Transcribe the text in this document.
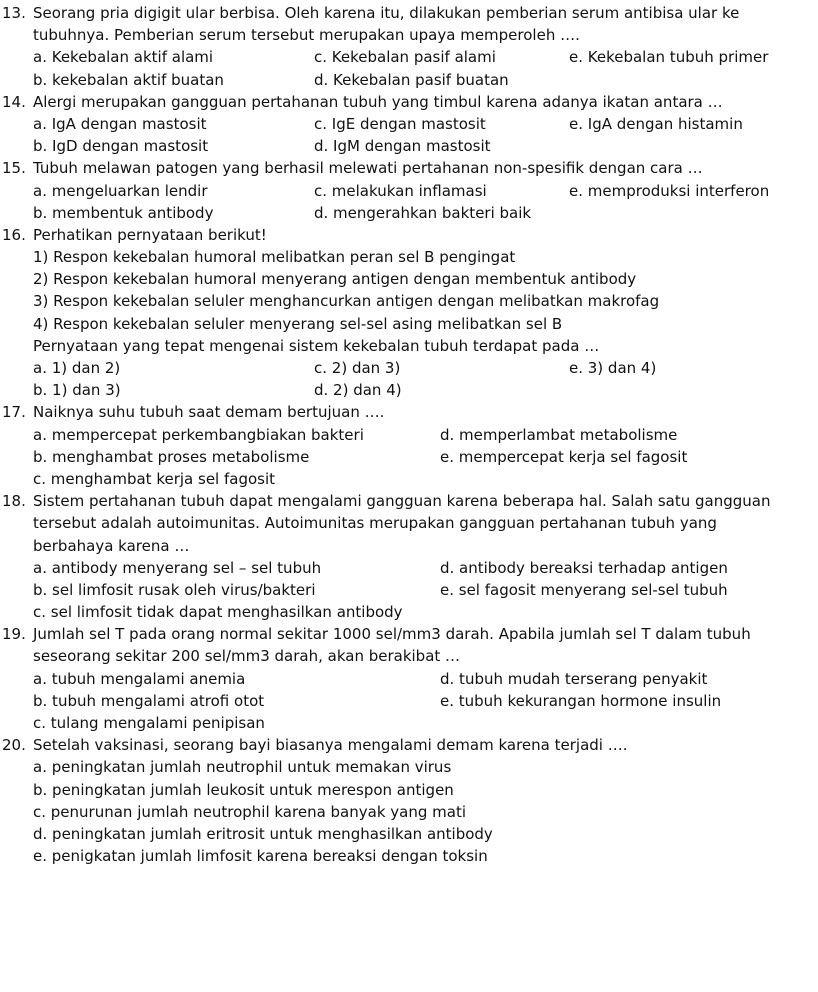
13. Seorang pria digigit ular berbisa. Oleh karena itu, dilakukan pemberian serum antibisa ular ke
tubuhnya. Pemberian serum tersebut merupakan upaya memperoleh ….
a. Kekebalan aktif alami	c. Kekebalan pasif alami	e. Kekebalan tubuh primer
b. kekebalan aktif buatan	d. Kekebalan pasif buatan
14. Alergi merupakan gangguan pertahanan tubuh yang timbul karena adanya ikatan antara …
a. IgA dengan mastosit	c. IgE dengan mastosit	e. IgA dengan histamin
b. IgD dengan mastosit	d. IgM dengan mastosit
15. Tubuh melawan patogen yang berhasil melewati pertahanan non-spesifik dengan cara …
a. mengeluarkan lendir	c. melakukan inflamasi	e. memproduksi interferon
b. membentuk antibody	d. mengerahkan bakteri baik
16. Perhatikan pernyataan berikut!
1) Respon kekebalan humoral melibatkan peran sel B pengingat
2) Respon kekebalan humoral menyerang antigen dengan membentuk antibody
3) Respon kekebalan seluler menghancurkan antigen dengan melibatkan makrofag
4) Respon kekebalan seluler menyerang sel-sel asing melibatkan sel B
Pernyataan yang tepat mengenai sistem kekebalan tubuh terdapat pada …
a. 1) dan 2)	c. 2) dan 3)	e. 3) dan 4)
b. 1) dan 3)	d. 2) dan 4)
17. Naiknya suhu tubuh saat demam bertujuan ….
a. mempercepat perkembangbiakan bakteri	d. memperlambat metabolisme
b. menghambat proses metabolisme	e. mempercepat kerja sel fagosit
c. menghambat kerja sel fagosit
18. Sistem pertahanan tubuh dapat mengalami gangguan karena beberapa hal. Salah satu gangguan
tersebut adalah autoimunitas. Autoimunitas merupakan gangguan pertahanan tubuh yang
berbahaya karena …
a. antibody menyerang sel – sel tubuh	d. antibody bereaksi terhadap antigen
b. sel limfosit rusak oleh virus/bakteri	e. sel fagosit menyerang sel-sel tubuh
c. sel limfosit tidak dapat menghasilkan antibody
19. Jumlah sel T pada orang normal sekitar 1000 sel/mm3 darah. Apabila jumlah sel T dalam tubuh
seseorang sekitar 200 sel/mm3 darah, akan berakibat …
a. tubuh mengalami anemia	d. tubuh mudah terserang penyakit
b. tubuh mengalami atrofi otot	e. tubuh kekurangan hormone insulin
c. tulang mengalami penipisan
20. Setelah vaksinasi, seorang bayi biasanya mengalami demam karena terjadi ….
a. peningkatan jumlah neutrophil untuk memakan virus
b. peningkatan jumlah leukosit untuk merespon antigen
c. penurunan jumlah neutrophil karena banyak yang mati
d. peningkatan jumlah eritrosit untuk menghasilkan antibody
e. penigkatan jumlah limfosit karena bereaksi dengan toksin
